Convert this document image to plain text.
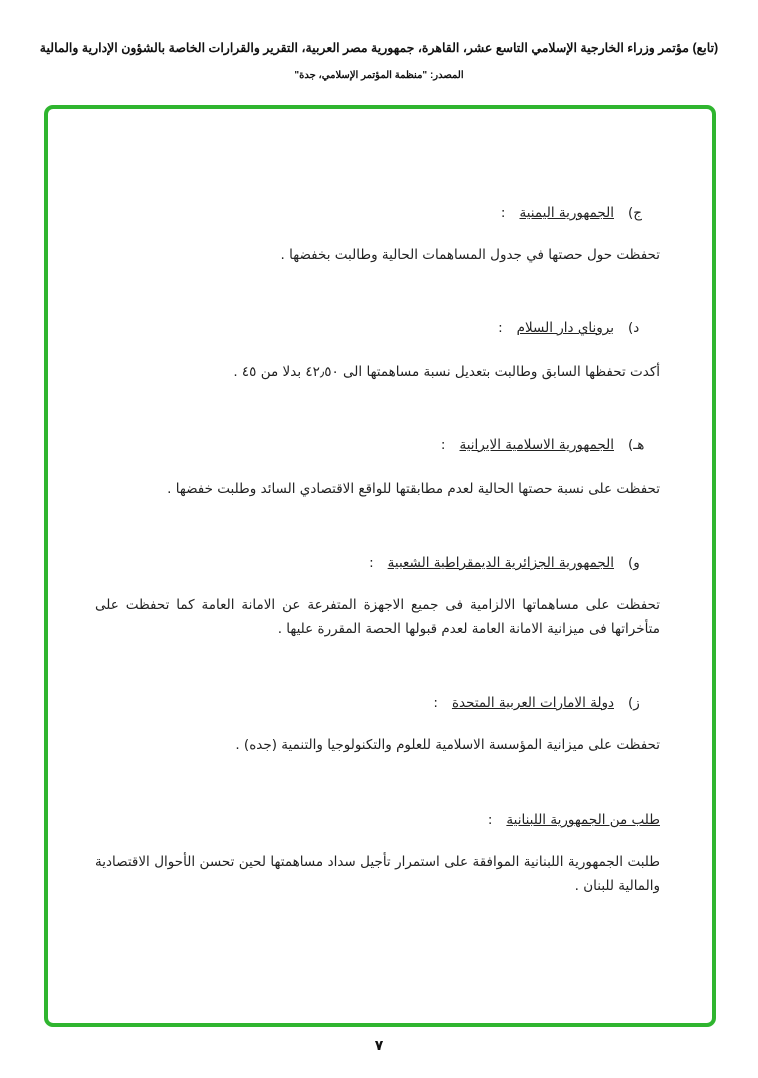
(تابع) مؤتمر وزراء الخارجية الإسلامي التاسع عشر، القاهرة، جمهورية مصر العربية، التقرير والقرارات الخاصة بالشؤون الإدارية والمالية
المصدر: "منظمة المؤتمر الإسلامي، جدة"
ج)
الجمهورية اليمنية
:
تحفظت حول حصتها في جدول المساهمات الحالية وطالبت بخفضها .
د)
بروناي دار السلام
:
أكدت تحفظها السابق وطالبت بتعديل نسبة مساهمتها الى ٤٢٫٥٠ بدلا من ٤٥ .
هـ)
الجمهورية الاسلامية الايرانية
:
تحفظت على نسبة حصتها الحالية لعدم مطابقتها للواقع الاقتصادي السائد وطلبت خفضها .
و)
الجمهورية الجزائرية الديمقراطية الشعبية
:
تحفظت على مساهماتها الالزامية فى جميع الاجهزة المتفرعة عن الامانة العامة كما تحفظت على متأخراتها فى ميزانية الامانة العامة لعدم قبولها الحصة المقررة عليها .
ز)
دولة الامارات العربية المتحدة
:
تحفظت على ميزانية المؤسسة الاسلامية للعلوم والتكنولوجيا والتنمية (جده) .
طلب من الجمهورية اللبنانية
:
طلبت الجمهورية اللبنانية الموافقة على استمرار تأجيل سداد مساهمتها لحين تحسن الأحوال الاقتصادية والمالية للبنان .
٧
